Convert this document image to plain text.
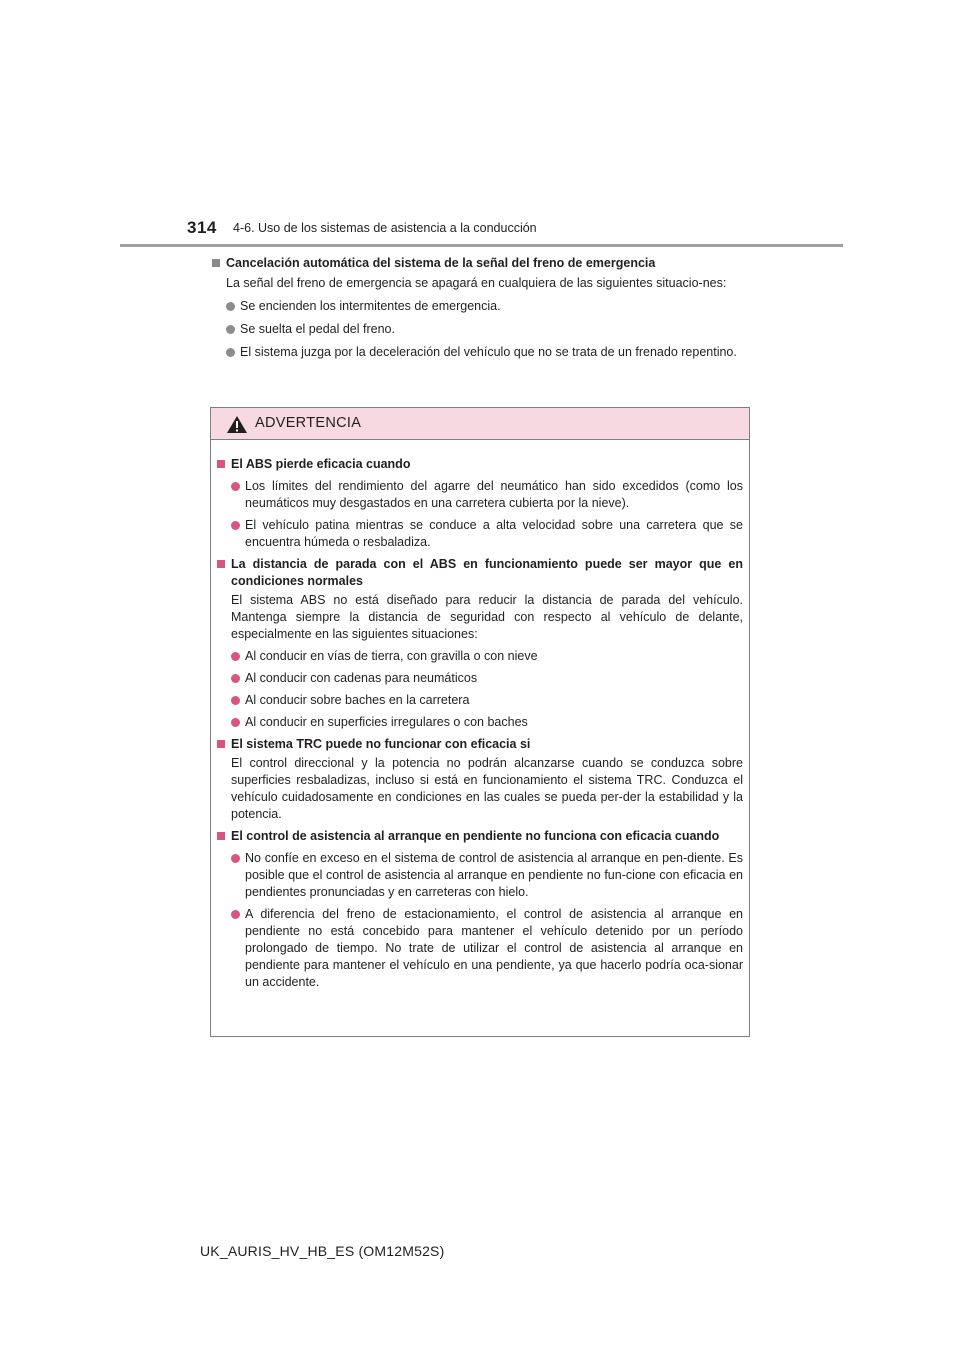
314 4-6. Uso de los sistemas de asistencia a la conducción
Cancelación automática del sistema de la señal del freno de emergencia
La señal del freno de emergencia se apagará en cualquiera de las siguientes situacio-nes:
Se encienden los intermitentes de emergencia.
Se suelta el pedal del freno.
El sistema juzga por la deceleración del vehículo que no se trata de un frenado repentino.
ADVERTENCIA
El ABS pierde eficacia cuando
Los límites del rendimiento del agarre del neumático han sido excedidos (como los neumáticos muy desgastados en una carretera cubierta por la nieve).
El vehículo patina mientras se conduce a alta velocidad sobre una carretera que se encuentra húmeda o resbaladiza.
La distancia de parada con el ABS en funcionamiento puede ser mayor que en condiciones normales
El sistema ABS no está diseñado para reducir la distancia de parada del vehículo. Mantenga siempre la distancia de seguridad con respecto al vehículo de delante, especialmente en las siguientes situaciones:
Al conducir en vías de tierra, con gravilla o con nieve
Al conducir con cadenas para neumáticos
Al conducir sobre baches en la carretera
Al conducir en superficies irregulares o con baches
El sistema TRC puede no funcionar con eficacia si
El control direccional y la potencia no podrán alcanzarse cuando se conduzca sobre superficies resbaladizas, incluso si está en funcionamiento el sistema TRC. Conduzca el vehículo cuidadosamente en condiciones en las cuales se pueda per-der la estabilidad y la potencia.
El control de asistencia al arranque en pendiente no funciona con eficacia cuando
No confíe en exceso en el sistema de control de asistencia al arranque en pen-diente. Es posible que el control de asistencia al arranque en pendiente no fun-cione con eficacia en pendientes pronunciadas y en carreteras con hielo.
A diferencia del freno de estacionamiento, el control de asistencia al arranque en pendiente no está concebido para mantener el vehículo detenido por un período prolongado de tiempo. No trate de utilizar el control de asistencia al arranque en pendiente para mantener el vehículo en una pendiente, ya que hacerlo podría oca-sionar un accidente.
UK_AURIS_HV_HB_ES (OM12M52S)
